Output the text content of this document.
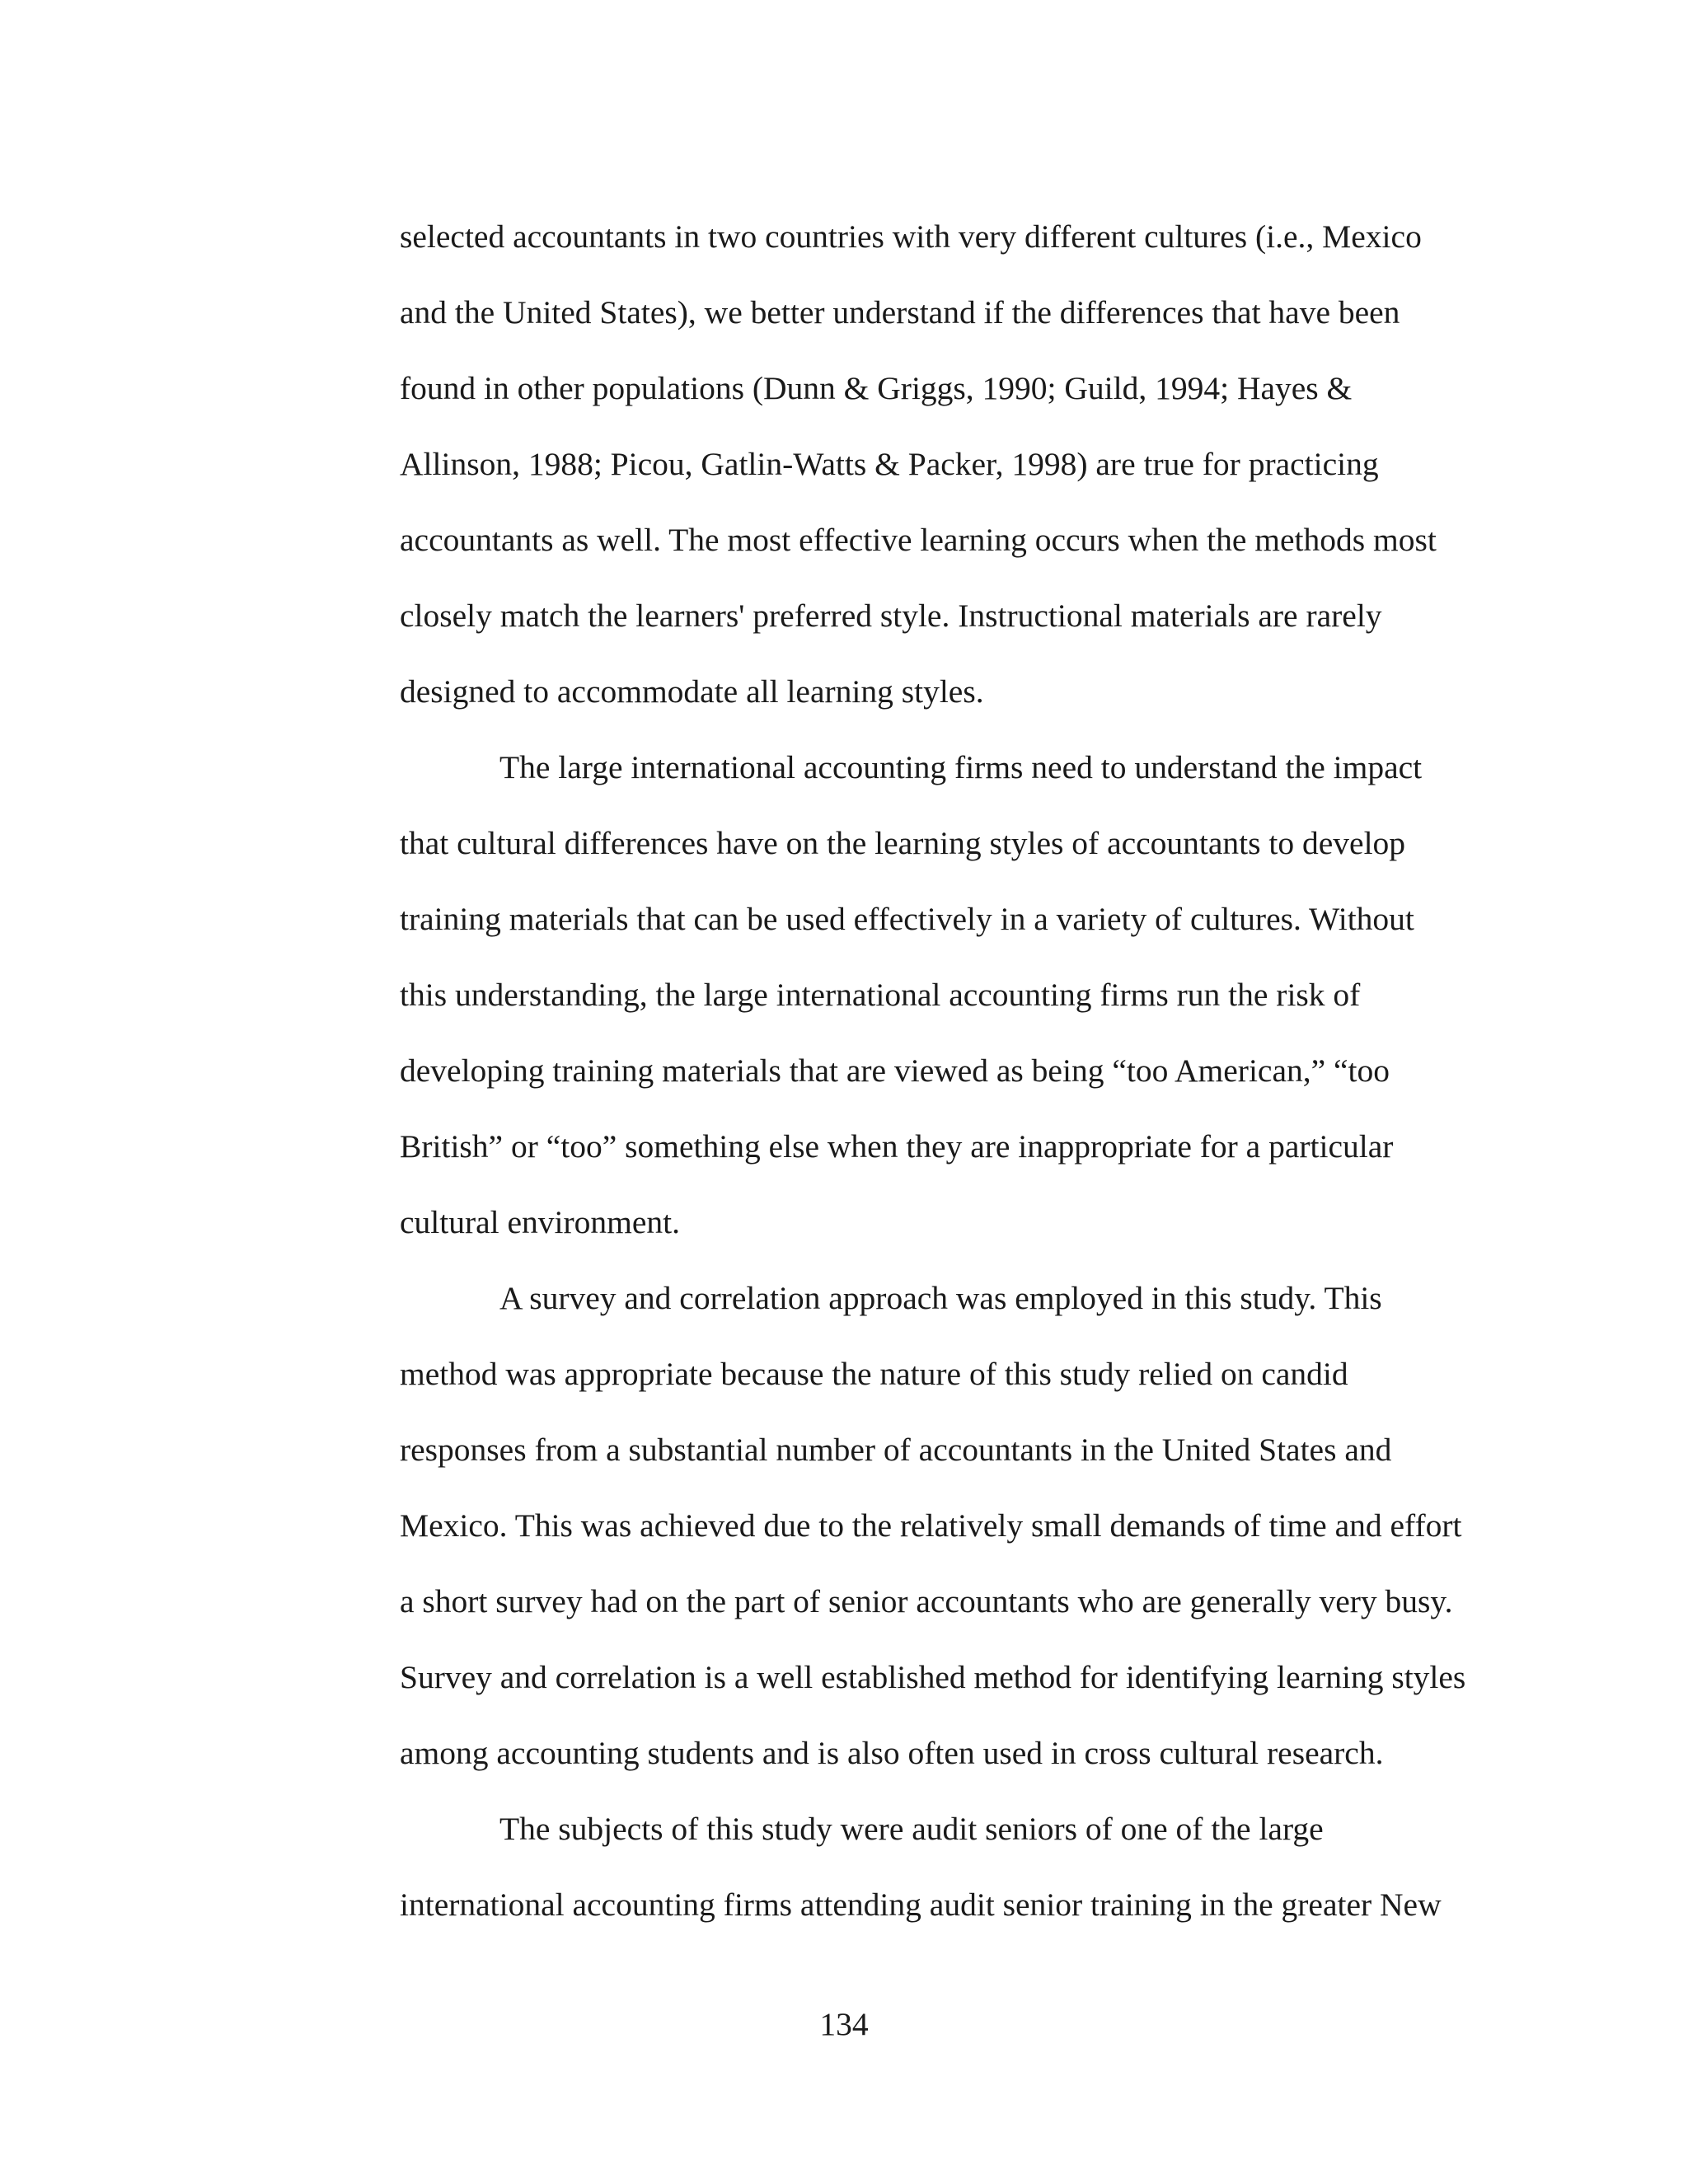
selected accountants in two countries with very different cultures (i.e., Mexico
and the United States), we better understand if the differences that have been
found in other populations (Dunn & Griggs, 1990; Guild, 1994; Hayes &
Allinson, 1988; Picou, Gatlin-Watts & Packer, 1998) are true for practicing
accountants as well. The most effective learning occurs when the methods most
closely match the learners' preferred style. Instructional materials are rarely
designed to accommodate all learning styles.
The large international accounting firms need to understand the impact
that cultural differences have on the learning styles of accountants to develop
training materials that can be used effectively in a variety of cultures. Without
this understanding, the large international accounting firms run the risk of
developing training materials that are viewed as being “too American,” “too
British” or “too” something else when they are inappropriate for a particular
cultural environment.
A survey and correlation approach was employed in this study. This
method was appropriate because the nature of this study relied on candid
responses from a substantial number of accountants in the United States and
Mexico. This was achieved due to the relatively small demands of time and effort
a short survey had on the part of senior accountants who are generally very busy.
Survey and correlation is a well established method for identifying learning styles
among accounting students and is also often used in cross cultural research.
The subjects of this study were audit seniors of one of the large
international accounting firms attending audit senior training in the greater New
134
